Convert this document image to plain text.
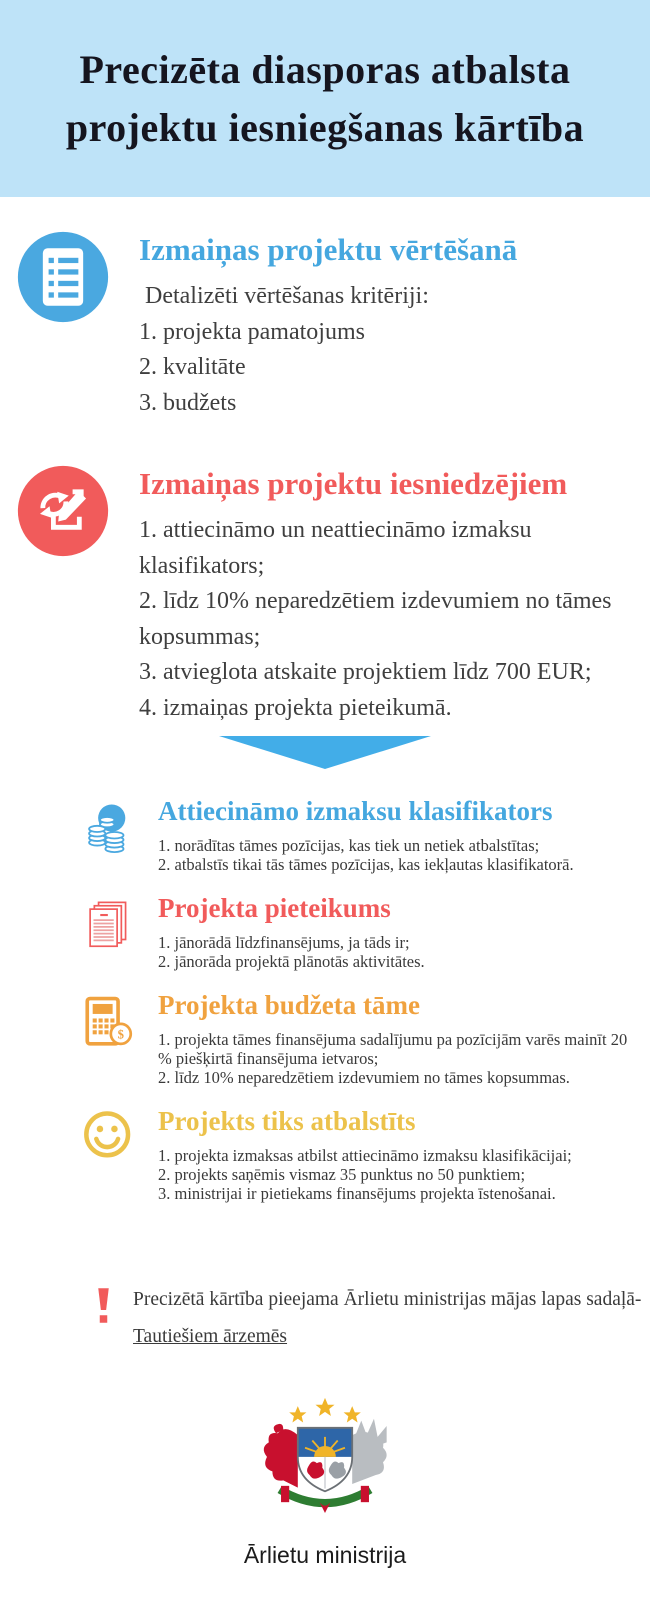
Precizēta diasporas atbalsta
projektu iesniegšanas kārtība
Izmaiņas projektu vērtēšanā
Detalizēti vērtēšanas kritēriji:
1. projekta pamatojums
2. kvalitāte
3. budžets
Izmaiņas projektu iesniedzējiem
1. attiecināmo un neattiecināmo izmaksu klasifikators;
2. līdz 10% neparedzētiem izdevumiem no tāmes kopsummas;
3. atvieglota atskaite projektiem līdz 700 EUR;
4. izmaiņas projekta pieteikumā.
Attiecināmo izmaksu klasifikators
1. norādītas tāmes pozīcijas, kas tiek un netiek atbalstītas;
2. atbalstīs tikai tās tāmes pozīcijas, kas iekļautas klasifikatorā.
Projekta pieteikums
1. jānorādā līdzfinansējums, ja tāds ir;
2. jānorāda projektā plānotās aktivitātes.
$
Projekta budžeta tāme
1. projekta tāmes finansējuma sadalījumu pa pozīcijām varēs mainīt 20 % piešķirtā finansējuma ietvaros;
2. līdz 10% neparedzētiem izdevumiem no tāmes kopsummas.
Projekts tiks atbalstīts
1. projekta izmaksas atbilst attiecināmo izmaksu klasifikācijai;
2. projekts saņēmis vismaz 35 punktus no 50 punktiem;
3. ministrijai ir pietiekams finansējums projekta īstenošanai.
Precizētā kārtība pieejama Ārlietu ministrijas mājas lapas sadaļā-
Tautiešiem ārzemēs
Ārlietu ministrija
